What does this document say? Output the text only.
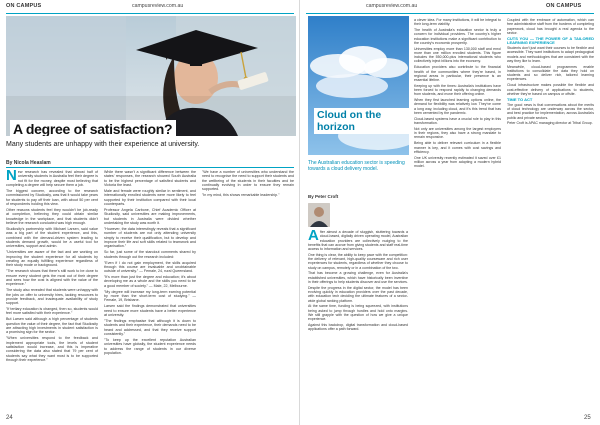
ON CAMPUS	campusreview.com.au
A degree of satisfaction?
Many students are unhappy with their experience at university.
By Nicola Heaslam

New research has revealed that almost half of university students in Australia feel their degree is not fit for the money, despite most believing that completing a degree will help secure them a job.

The biggest concern, according to the research commissioned by Studiosity, was that it would take years for students to pay off their loan, with about 50 per cent of respondents holding this view.

Other reasons students feel they wouldn't be job-ready at completion, believing they could obtain similar knowledge in the workplace, and that students didn't believe the research conducted was high enough.

Studiosity's partnership with Michael Larsen, said value was a big part of the student experience, and this, combined with the demand-driven system leading to students demand growth, would be a useful tool for universities, support and admin.

"Universities are aware of the fact and are working on improving the student experience for all students by creating an equally fulfilling experience regardless of their study mode or background.

"The research shows that there's still work to be done to ensure every student gets the most out of their degree and sees how the cost is aligned with the value of the experience."

The study also revealed that students were unhappy with the jobs on offer to university hires, lacking resources to provide feedback, and inadequate availability of study support.

"If tertiary education is changed, then so, students would feel more satisfied with their experience."

But Larsen said although a high percentage of students question the value of their degree, the fact that Studiosity are attracting high investments in student satisfaction is a promising sign for the sector.

"When universities respond to the feedback and implement appropriate tools, the levels of student satisfaction would increase, and this is imperative considering the data also stated that 79 per cent of students say what they want most is to be supported through their experience."

While there wasn't a significant difference between the states' responses, the research showed South Australia to be the highest percentage of satisfied students and Victoria the least.

Male and female were roughly similar in sentiment, and internationally enrolled students were more likely to feel supported by their institution compared with their local counterparts.

Professor Angela Carbone, Chief Academic Officer at Studiosity, said universities are making improvements, but students in Australia were divided whether undertaking the study was worth it.

"However, the data interestingly reveals that a significant number of students are not only attending university simply to receive their qualification, but to develop and improve their life and soft skills related to teamwork and organisation."

So far, just some of the standout comments shared by students through out the research included:

"Even if I do not gain employment, the skills acquired through this course are invaluable and unobtainable outside of university." — Female, 24, rural Queensland.

"It's more than just the degree and education; it's about developing me as a whole and the skills you need to be a good member of society." — Male, 22, Melbourne.

"My degree will increase my long-term earning potential by more than the short-term cost of studying." — Female, 19, Brisbane.

Larsen said the findings demonstrated that universities need to ensure more students have a better experience at university.

"The findings emphasise that although it is down to students and their experience, their demands need to be heard and addressed, and that they receive support consistently."

"To keep up the excellent reputation Australian universities have globally, the student experience needs to address the range of students in our diverse population.

"We have a number of universities who understand the need to recognise the need to support their students and the wellbeing of the students in their faculties and be continually evolving in order to ensure they remain supported.

"In my mind, this shows remarkable leadership."

24
campusreview.com.au	ON CAMPUS
Cloud on the horizon
The Australian education sector is speeding towards a cloud delivery model.
By Peter Croft

After almost a decade of sluggish, stuttering towards a cloud-based, digitally driven operating model, Australian education providers are collectively nudging to the benefits that can accrue from giving students and staff real-time access to information and services.

One thing is clear, the ability to keep pace with the competition: the delivery of relevant, high-quality courseware and rich user experiences for students, regardless of whether they choose to study on campus, remotely or in a combination of the two.

That has become a growing challenge, even for Australia's established universities, which have historically been inventive in their offerings to help students discover and use the services.

Despite the progress in the digital sector, the model has been evolving quickly in education providers over the past decade, with education tech deciding the ultimate features of a sector-wide global ranking platform.

At the same time, funding is being squeezed, with institutions being asked to jump through hurdles and hold onto margins. We still grapple with the question of how we give a unique experience.

Against this backdrop, digital transformation and cloud-based applications offer a path forward.

a clever idea. For many institutions, it will be integral to their long-term viability.

The health of Australia's education sector is truly a concern for individual providers. The country's higher education institutions make a significant contribution to the country's economic prosperity.

Universities employ more than 130,000 staff and enrol more than one million enrolled students. This figure includes the 550,000-plus international students who collectively inject billions into the economy.

Education providers also contribute to the financial health of the communities where they're based, in regional areas in particular, their presence is an essential lifeline.

Keeping up with the times: Australia's institutions have been forced to respond rapidly to changing demands from students, and move their offering online.

When they first launched learning options online, the demand for flexibility was relatively low. They've come a long way, including cloud, and it's this trend that has been cemented by the pandemic.

Cloud-based systems have a crucial role to play in this transformation.

Not only are universities among the largest employers in their regions, they also have a strong mandate to remain responsive.

Being able to deliver relevant curriculum in a flexible manner is key, and it comes with cost savings and efficiency.

One UK university recently estimated it saved over £1 million across a year from adopting a modern hybrid model.

Coupled with the embrace of automation, which can free administrative staff from the burdens of completing paperwork, cloud has brought a real agenda to the sector.

CUTS YOU — THE POWER OF A TAILORED LEARNING EXPERIENCE

Students don't just want their courses to be flexible and accessible. They want institutions to adapt pedagogical models and methodologies that are consistent with the way they like to learn.

Meanwhile, cloud-based programmes enable institutions to consolidate the data they hold on students and so deliver rich, tailored learning experiences.

Cloud infrastructure makes possible the flexible and cost-effective delivery of applications to students, whether they're based on campus or offsite.

TIME TO ACT

The good news is that conversations about the merits of cloud technology are underway across the sector, and best practice for implementation, across Australia's public and private sectors.

Peter Croft is APAC managing director at Tribal Group.

25
